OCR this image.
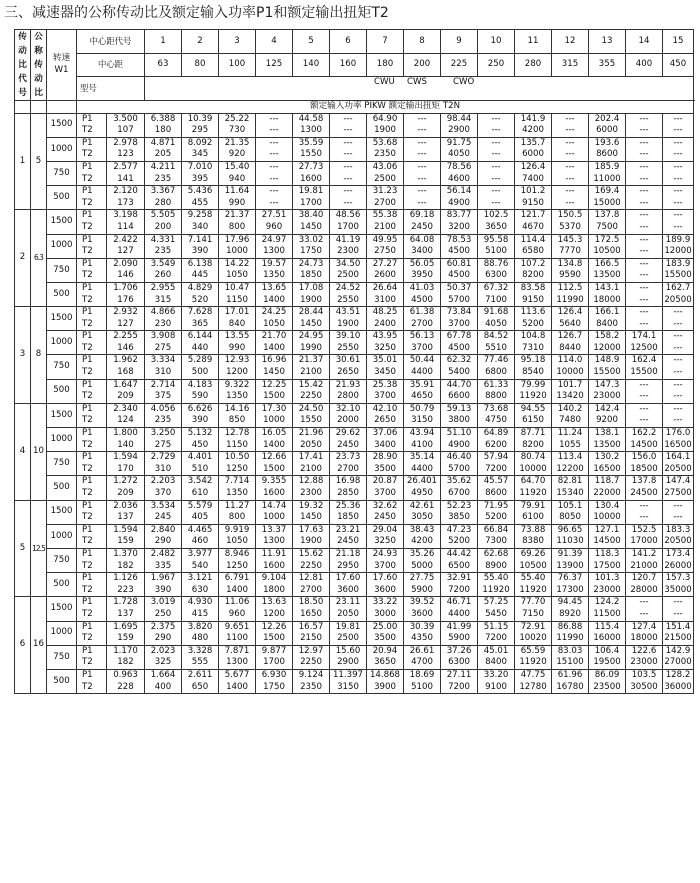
三、减速器的公称传动比及额定输入功率P1和额定输出扭矩T2
传动比代号	公称传动比	转速W1	中心距代号		1	2	3	4	5	6	7	8	9	10	11	12	13	14	15	
			中心距		63	80	100	125	140	160	180	200	225	250	280	315	355	400	450	
			型号		CWU CWS CWO															

			额定输入功率 PIKW 额定输出扭矩 T2N																	
1	5	1500	P1	3.500	6.388	10.39	25.22	---	44.58	---	64.90	---	98.44	---	141.9	---	202.4	---	---	
			T2	107	180	295	730	---	1300	---	1900	---	2900	---	4200	---	6000	---	---	
		1000	P1	2.978	4.871	8.092	21.35	---	35.59	---	53.68	---	91.75	---	135.7	---	193.6	---	---	
			T2	123	205	345	920	---	1550	---	2350	---	4050	---	6000	---	8600	---	---	
		750	P1	2.577	4.211	7.010	15.40	---	27.73	---	43.06	---	78.56	---	126.4	---	185.9	---	---	
			T2	141	235	395	940	---	1600	---	2500	---	4600	---	7400	---	11000	---	---	
		500	P1	2.120	3.367	5.436	11.64	---	19.81	---	31.23	---	56.14	---	101.2	---	169.4	---	---	
			T2	173	280	455	990	---	1700	---	2700	---	4900	---	9150	---	15000	---	---	
2	6.3	1500	P1	3.198	5.505	9.258	21.37	27.51	38.40	48.56	55.38	69.18	83.77	102.5	121.7	150.5	137.8	---	---	
			T2	114	200	340	800	960	1450	1700	2100	2450	3200	3650	4670	5370	7500	---	---	
		1000	P1	2.422	4.331	7.141	17.96	24.97	33.02	41.19	49.95	64.08	78.53	95.58	114.4	145.3	172.5	---	189.9	
			T2	127	235	390	1000	1300	1750	2300	2750	3400	4500	5100	6580	7770	10500	---	12000	
		750	P1	2.090	3.549	6.138	14.22	19.57	24.73	34.50	27.27	56.05	60.81	88.76	107.2	134.8	166.5	---	183.9	
			T2	146	260	445	1050	1350	1850	2500	2600	3950	4500	6300	8200	9590	13500	---	15500	
		500	P1	1.706	2.955	4.829	10.47	13.65	17.08	24.52	26.64	41.03	50.37	67.32	83.58	112.5	143.1	---	162.7	
			T2	176	315	520	1150	1400	1900	2550	3100	4500	5700	7100	9150	11990	18000	---	20500	
3	8	1500	P1	2.932	4.866	7.628	17.01	24.25	28.44	43.51	48.25	61.38	73.84	91.68	113.6	126.4	166.1	---	---	
			T2	127	230	365	840	1050	1450	1900	2400	2700	3700	4050	5200	5640	8400	---	---	
		1000	P1	2.255	3.908	6.144	13.55	21.70	24.95	39.10	43.95	56.13	67.78	84.52	104.8	126.7	158.2	174.1	---	
			T2	146	275	440	990	1400	1990	2550	3250	3700	4500	5510	7310	8440	12000	12500	---	
		750	P1	1.962	3.334	5.289	12.93	16.96	21.37	30.61	35.01	50.44	62.32	77.46	95.18	114.0	148.9	162.4	---	
			T2	168	310	500	1200	1450	2100	2650	3450	4400	5400	6800	8540	10000	15500	15500	---	
		500	P1	1.647	2.714	4.183	9.322	12.25	15.42	21.93	25.38	35.91	44.70	61.33	79.99	101.7	147.3	---	---	
			T2	209	375	590	1350	1500	2250	2800	3700	4650	6600	8800	11920	13420	23000	---	---	
4	10	1500	P1	2.340	4.056	6.626	14.16	17.30	24.50	32.10	42.10	50.79	59.13	73.68	94.55	140.2	142.4	---	---	
			T2	124	235	390	850	1000	1550	2000	2650	3150	3800	4750	6150	7480	9200	---	---	
		1000	P1	1.800	3.250	5.132	12.78	16.05	21.96	29.62	37.06	43.94	51.10	64.89	87.71	11.24	138.1	162.2	176.0	
			T2	140	275	450	1150	1400	2050	2450	3400	4100	4900	6200	8200	1055	13500	14500	16500	
		750	P1	1.594	2.729	4.401	10.50	12.66	17.41	23.73	28.90	35.14	46.40	57.94	80.74	113.4	130.2	156.0	164.1	
			T2	170	310	510	1250	1500	2100	2700	3500	4400	5700	7200	10000	12200	16500	18500	20500	
		500	P1	1.272	2.203	3.542	7.714	9.355	12.88	16.98	20.87	26.401	35.62	45.57	64.70	82.81	118.7	137.8	147.4	
			T2	209	370	610	1350	1600	2300	2850	3700	4950	6700	8600	11920	15340	22000	24500	27500	
5	12.5	1500	P1	2.036	3.534	5.579	11.27	14.74	19.32	25.36	32.62	42.61	52.23	71.95	79.91	105.1	130.4	---	---	
			T2	137	245	405	800	1000	1450	1850	2450	3050	3850	5200	6100	8050	10000	---	---	
		1000	P1	1.594	2.840	4.465	9.919	13.37	17.63	23.21	29.04	38.43	47.23	66.84	73.88	96.65	127.1	152.5	183.3	
			T2	159	290	460	1050	1300	1900	2450	3250	4200	5200	7300	8380	11030	14500	17000	20500	
		750	P1	1.370	2.482	3.977	8.946	11.91	15.62	21.18	24.93	35.26	44.42	62.68	69.26	91.39	118.3	141.2	173.4	
			T2	182	335	540	1250	1600	2250	2950	3700	5000	6500	8900	10500	13900	17500	21000	26000	
		500	P1	1.126	1.967	3.121	6.791	9.104	12.81	17.60	17.60	27.75	32.91	55.40	55.40	76.37	101.3	120.7	157.3	
			T2	223	390	630	1400	1800	2700	3600	3600	5900	7200	11920	11920	17300	23000	28000	35000	
6	16	1500	P1	1.728	3.019	4.930	11.06	13.63	18.50	23.11	33.22	39.52	46.71	57.25	77.70	94.45	124.2	---	---	
			T2	137	250	415	960	1200	1650	2050	3000	3600	4400	5450	7150	8920	11500	---	---	
		1000	P1	1.695	2.375	3.820	9.651	12.26	16.57	19.81	25.00	30.39	41.99	51.15	72.91	86.88	115.4	127.4	151.4	
			T2	159	290	480	1100	1500	2150	2500	3500	4350	5900	7200	10020	11990	16000	18000	21500	
		750	P1	1.170	2.023	3.328	7.871	9.877	12.97	15.60	20.94	26.61	37.26	45.01	65.59	83.03	106.4	122.6	142.9	
			T2	182	325	555	1300	1700	2250	2900	3650	4700	6300	8400	11920	15100	19500	23000	27000	
		500	P1	0.963	1.664	2.611	5.677	6.930	9.124	11.397	14.868	18.69	27.11	33.20	47.75	61.96	86.09	103.5	128.2	
			T2	228	400	650	1400	1750	2350	3150	3900	5100	7200	9100	12780	16780	23500	30500	36000	
